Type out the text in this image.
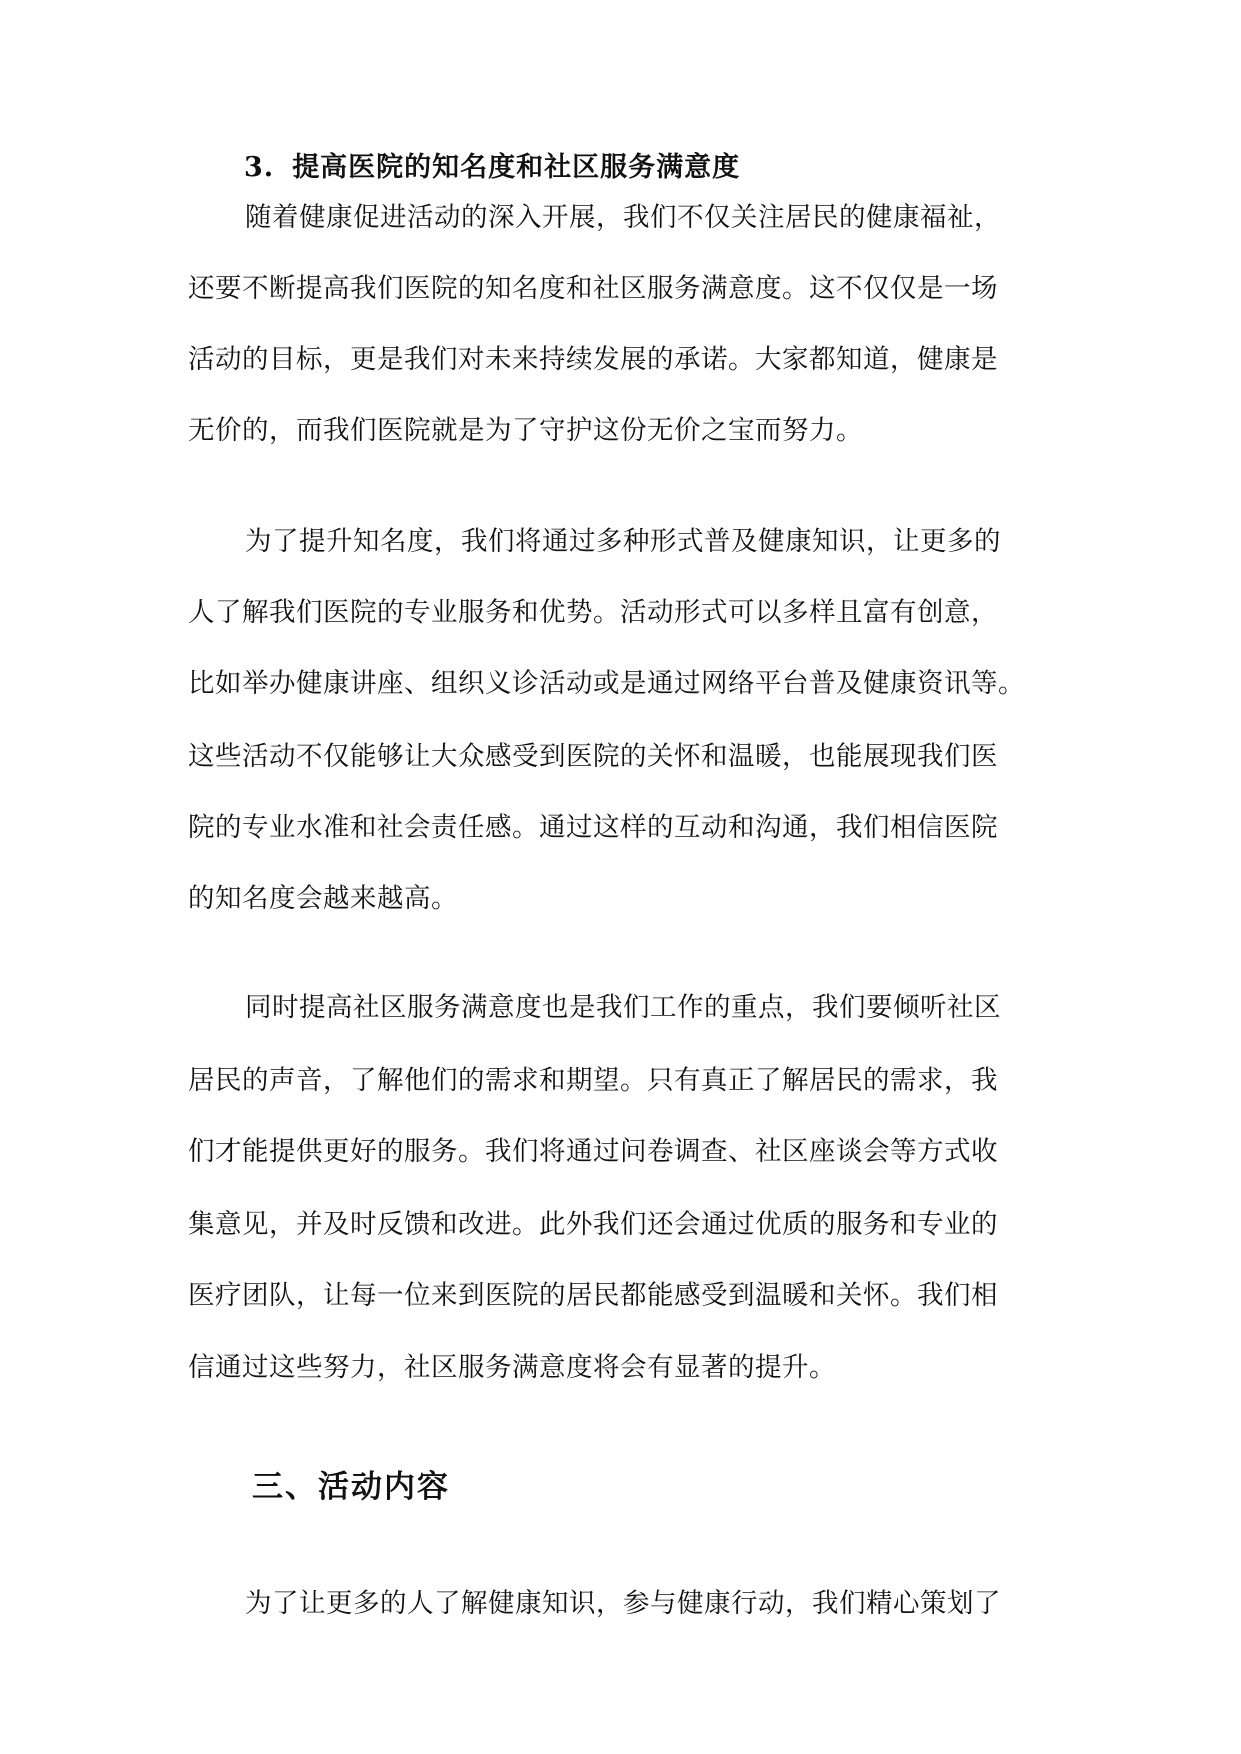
3. 提高医院的知名度和社区服务满意度
随着健康促进活动的深入开展，我们不仅关注居民的健康福祉，
还要不断提高我们医院的知名度和社区服务满意度。这不仅仅是一场
活动的目标，更是我们对未来持续发展的承诺。大家都知道，健康是
无价的，而我们医院就是为了守护这份无价之宝而努力。
为了提升知名度，我们将通过多种形式普及健康知识，让更多的
人了解我们医院的专业服务和优势。活动形式可以多样且富有创意，
比如举办健康讲座、组织义诊活动或是通过网络平台普及健康资讯等。
这些活动不仅能够让大众感受到医院的关怀和温暖，也能展现我们医
院的专业水准和社会责任感。通过这样的互动和沟通，我们相信医院
的知名度会越来越高。
同时提高社区服务满意度也是我们工作的重点，我们要倾听社区
居民的声音，了解他们的需求和期望。只有真正了解居民的需求，我
们才能提供更好的服务。我们将通过问卷调查、社区座谈会等方式收
集意见，并及时反馈和改进。此外我们还会通过优质的服务和专业的
医疗团队，让每一位来到医院的居民都能感受到温暖和关怀。我们相
信通过这些努力，社区服务满意度将会有显著的提升。
三、活动内容
为了让更多的人了解健康知识，参与健康行动，我们精心策划了
